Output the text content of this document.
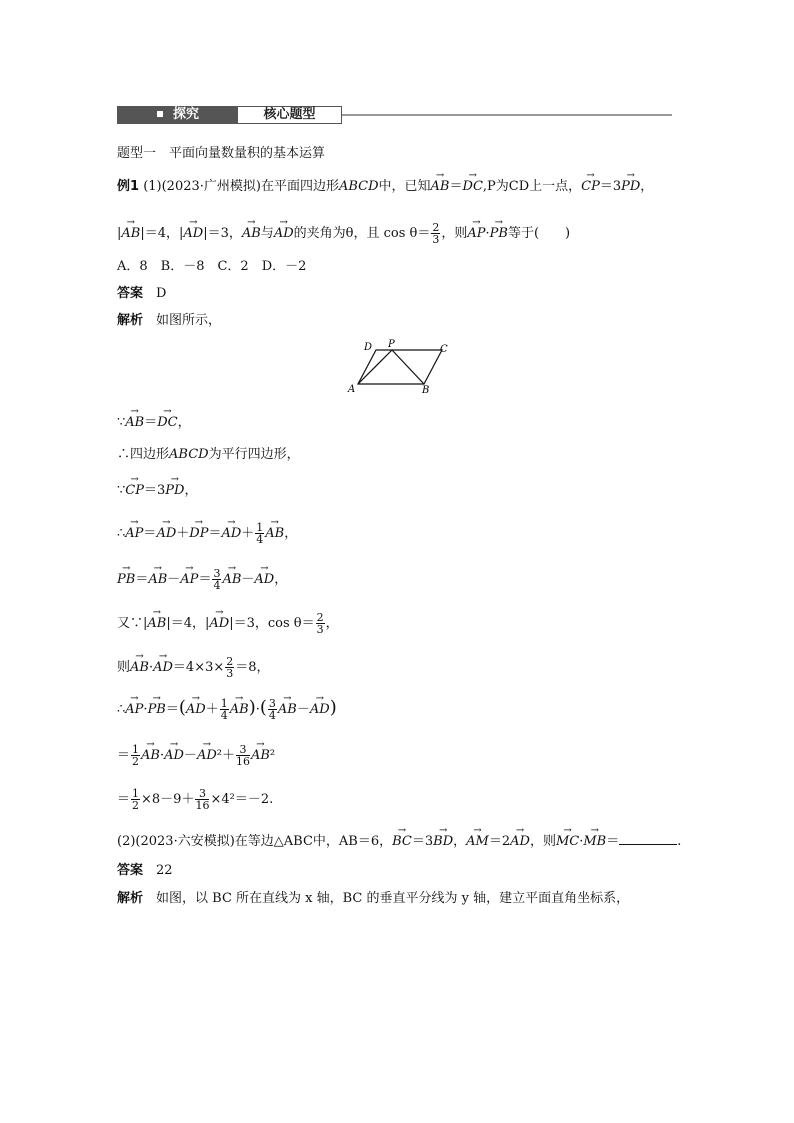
探究	核心题型
题型一　平面向量数量积的基本运算
例1 (1)(2023·广州模拟)在平面四边形ABCD中，已知→ AB＝→ DC,P为CD上一点，→ CP＝3→ PD，
|→ AB|＝4，|→ AD|＝3，→ AB与→ AD的夹角为θ，且 $\cos \theta= \frac{2}{3}$ ，则→ AP·→ PB等于(　　)
A．8　B．－8　C．2　D．－2
答案　 D
解析　 如图所示，
D P	C
A	B
∵→ AB＝→ DC，
∴四边形ABCD为平行四边形，
∵→ CP＝3→ PD，
∴→ $AP=\to AD+\to DP=\to AD+ \frac{1}{4}$
→ AB，
→ $PB=\to AB-\to AP= \frac{3}{4}$
→ AB－→ AD，
又∵|→ AB|＝4，|→ AD|＝3，$\cos \theta= \frac{2}{3}$ ，
则→ $AB\cdot\to AD=4\times 3\times \frac{2}{3} =8$，
∴→ $AP\cdot\to PB=(\to AD+ \frac{1}{4}$
→ $AB)\cdot( \frac{3}{4}$
→ AB－→ AD)
＝ $\frac{1}{2}$
→ $AB\cdot\to AD-\to AD^2+ \frac{3}{16}$
→ AB²
＝ $\frac{1}{2} \times 8-9+ \frac{3}{16} \times 4^2=-2$.
(2)(2023·六安模拟)在等边△ABC中，AB＝6，→ BC＝3→ BD，→ AM＝2→ AD，则→ MC·→ MB＝	.
答案　 22
解析　 如图，以 BC 所在直线为 x 轴，BC 的垂直平分线为 y 轴，建立平面直角坐标系，
